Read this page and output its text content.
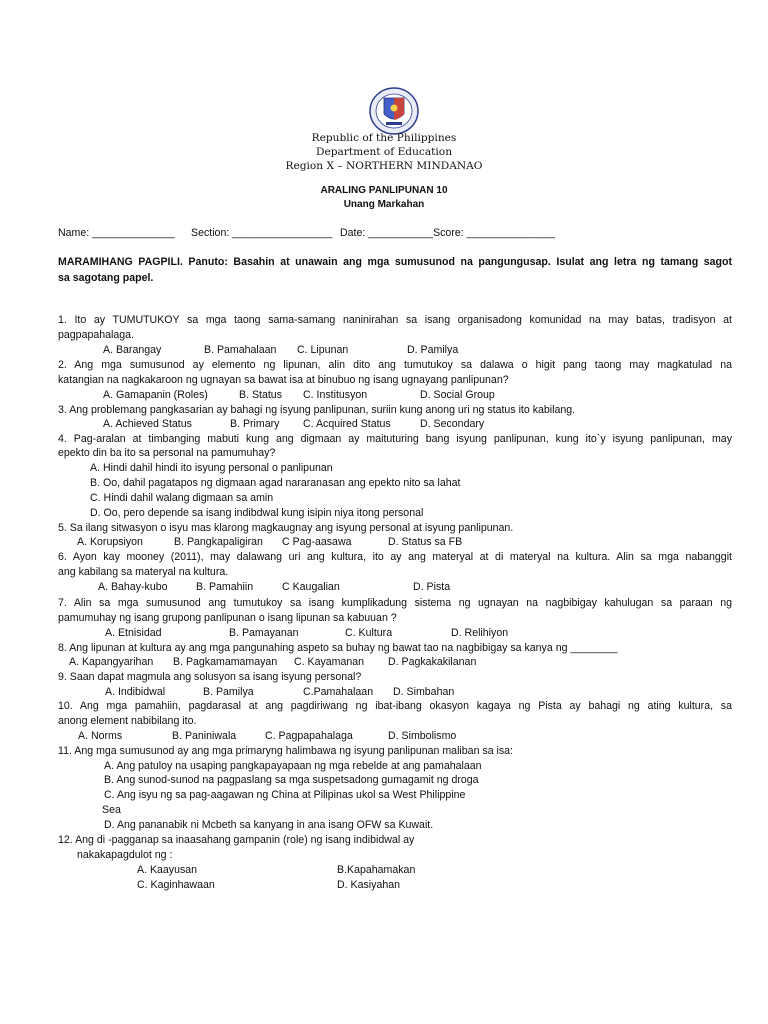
Republic of the Philippines
Department of Education
Region X – NORTHERN MINDANAO
ARALING PANLIPUNAN 10
Unang Markahan
Name: ______________ Section: _________________ Date: ___________Score: _______________
MARAMIHANG PAGPILI. Panuto: Basahin at unawain ang mga sumusunod na pangungusap. Isulat ang letra ng tamang sagot
sa sagotang papel.
1. Ito ay TUMUTUKOY sa mga taong sama-samang naninirahan sa isang organisadong komunidad na may batas, tradisyon at
pagpapahalaga.
A. Barangay	B. Pamahalaan C. Lipunan	D. Pamilya
2. Ang mga sumusunod ay elemento ng lipunan, alin dito ang tumutukoy sa dalawa o higit pang taong may magkatulad na
katangian na nagkakaroon ng ugnayan sa bawat isa at binubuo ng isang ugnayang panlipunan?
A. Gamapanin (Roles)	B. Status C. Institusyon	D. Social Group
3. Ang problemang pangkasarian ay bahagi ng isyung panlipunan, suriin kung anong uri ng status ito kabilang.
A. Achieved Status	B. Primary C. Acquired Status	D. Secondary
4. Pag-aralan at timbanging mabuti kung ang digmaan ay maituturing bang isyung panlipunan, kung ito`y isyung panlipunan, may
epekto din ba ito sa personal na pamumuhay?
A. Hindi dahil hindi ito isyung personal o panlipunan
B. Oo, dahil pagatapos ng digmaan agad nararanasan ang epekto nito sa lahat
C. Hindi dahil walang digmaan sa amin
D. Oo, pero depende sa isang indibdwal kung isipin niya itong personal
5. Sa ilang sitwasyon o isyu mas klarong magkaugnay ang isyung personal at isyung panlipunan.
A. Korupsiyon	B. Pangkapaligiran C Pag-aasawa	D. Status sa FB
6. Ayon kay mooney (2011), may dalawang uri ang kultura, ito ay ang materyal at di materyal na kultura. Alin sa mga nabanggit
ang kabilang sa materyal na kultura.
A. Bahay-kubo	B. Pamahiin	C Kaugalian	D. Pista
7. Alin sa mga sumusunod ang tumutukoy sa isang kumplikadung sistema ng ugnayan na nagbibigay kahulugan sa paraan ng
pamumuhay ng isang grupong panlipunan o isang lipunan sa kabuuan ?
A. Etnisidad	B. Pamayanan	C. Kultura	D. Relihiyon
8. Ang lipunan at kultura ay ang mga pangunahing aspeto sa buhay ng bawat tao na nagbibigay sa kanya ng ________
A. Kapangyarihan B. Pagkamamamayan C. Kayamanan D. Pagkakakilanan
9. Saan dapat magmula ang solusyon sa isang isyung personal?
A. Indibidwal	B. Pamilya	C.Pamahalaan D. Simbahan
10. Ang mga pamahiin, pagdarasal at ang pagdiriwang ng ibat-ibang okasyon kagaya ng Pista ay bahagi ng ating kultura, sa
anong element nabibilang ito.
A. Norms	B. Paniniwala	C. Pagpapahalaga	D. Simbolismo
11. Ang mga sumusunod ay ang mga primaryng halimbawa ng isyung panlipunan maliban sa isa:
A. Ang patuloy na usaping pangkapayapaan ng mga rebelde at ang pamahalaan
B. Ang sunod-sunod na pagpaslang sa mga suspetsadong gumagamit ng droga
C. Ang isyu ng sa pag-aagawan ng China at Pilipinas ukol sa West Philippine
Sea
D. Ang pananabik ni Mcbeth sa kanyang in ana isang OFW sa Kuwait.
12. Ang di -pagganap sa inaasahang gampanin (role) ng isang indibidwal ay
nakakapagdulot ng :
A. Kaayusan	B.Kapahamakan
C. Kaginhawaan	D. Kasiyahan
